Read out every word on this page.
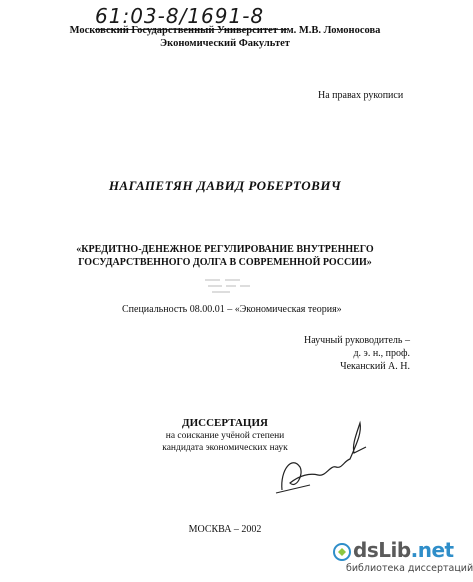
61:03-8/1691-8
Московский Государственный Университет им. М.В. Ломоносова
Экономический Факультет
На правах рукописи
НАГАПЕТЯН ДАВИД РОБЕРТОВИЧ
«КРЕДИТНО-ДЕНЕЖНОЕ РЕГУЛИРОВАНИЕ ВНУТРЕННЕГО
ГОСУДАРСТВЕННОГО ДОЛГА В СОВРЕМЕННОЙ РОССИИ»
Специальность 08.00.01 – «Экономическая теория»
Научный руководитель –
д. э. н., проф.
Чеканский А. Н.
ДИССЕРТАЦИЯ
на соискание учёной степени
кандидата экономических наук
МОСКВА – 2002
dsLib.net
библиотека диссертаций
